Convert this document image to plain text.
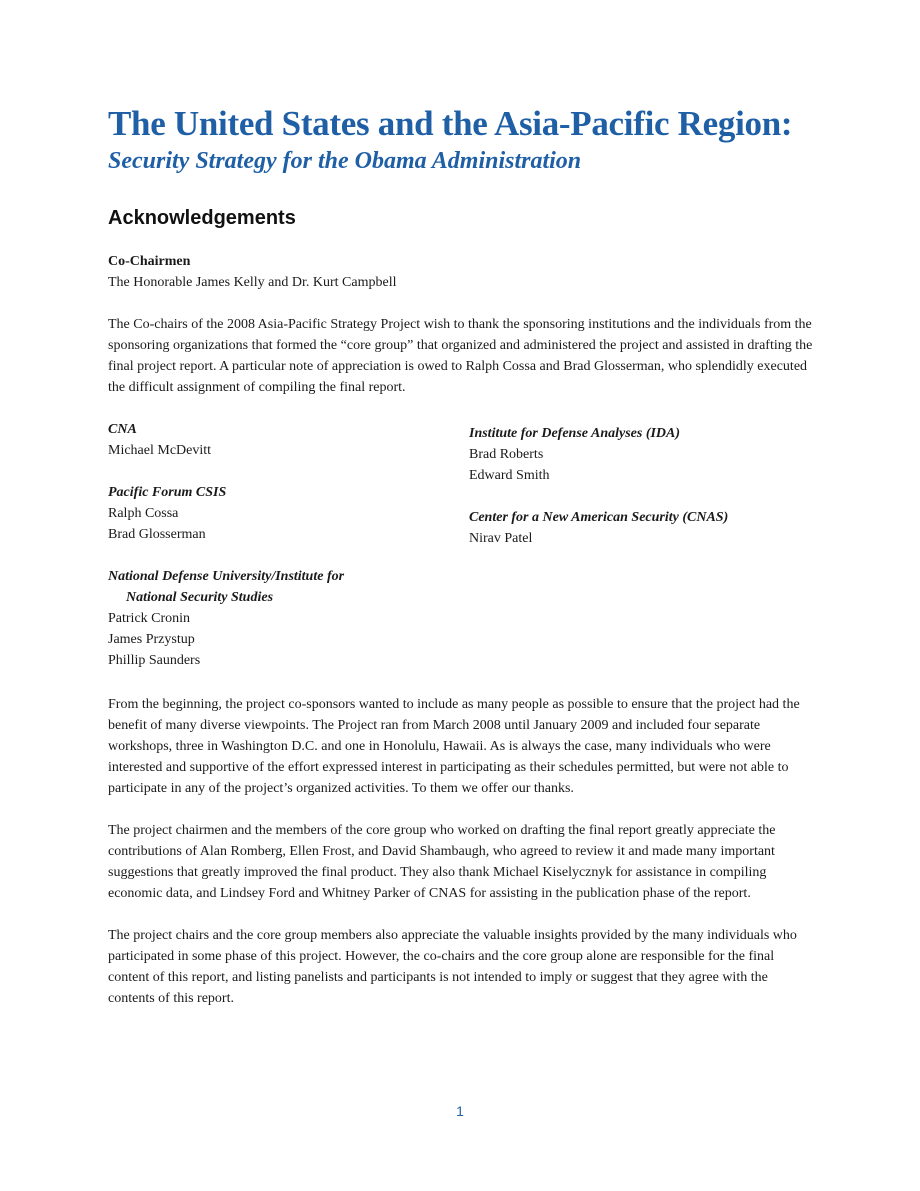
The United States and the Asia-Pacific Region:
Security Strategy for the Obama Administration
Acknowledgements

Co-Chairmen

The Honorable James Kelly and Dr. Kurt Campbell

The Co-chairs of the 2008 Asia-Pacific Strategy Project wish to thank the sponsoring institutions and the individuals from the sponsoring organizations that formed the “core group” that organized and administered the project and assisted in drafting the final project report. A particular note of appreciation is owed to Ralph Cossa and Brad Glosserman, who splendidly executed the difficult assignment of compiling the final report.

CNA

Michael McDevitt

Pacific Forum CSIS

Ralph Cossa

Brad Glosserman

National Defense University/Institute for

National Security Studies

Patrick Cronin

James Przystup

Phillip Saunders

Institute for Defense Analyses (IDA)

Brad Roberts

Edward Smith

Center for a New American Security (CNAS)

Nirav Patel

From the beginning, the project co-sponsors wanted to include as many people as possible to ensure that the project had the benefit of many diverse viewpoints. The Project ran from March 2008 until January 2009 and included four separate workshops, three in Washington D.C. and one in Honolulu, Hawaii. As is always the case, many individuals who were interested and supportive of the effort expressed interest in participating as their schedules permitted, but were not able to participate in any of the project’s organized activities. To them we offer our thanks.

The project chairmen and the members of the core group who worked on drafting the final report greatly appreciate the contributions of Alan Romberg, Ellen Frost, and David Shambaugh, who agreed to review it and made many important suggestions that greatly improved the final product. They also thank Michael Kiselycznyk for assistance in compiling economic data, and Lindsey Ford and Whitney Parker of CNAS for assisting in the publication phase of the report.

The project chairs and the core group members also appreciate the valuable insights provided by the many individuals who participated in some phase of this project. However, the co-chairs and the core group alone are responsible for the final content of this report, and listing panelists and participants is not intended to imply or suggest that they agree with the contents of this report.

1
